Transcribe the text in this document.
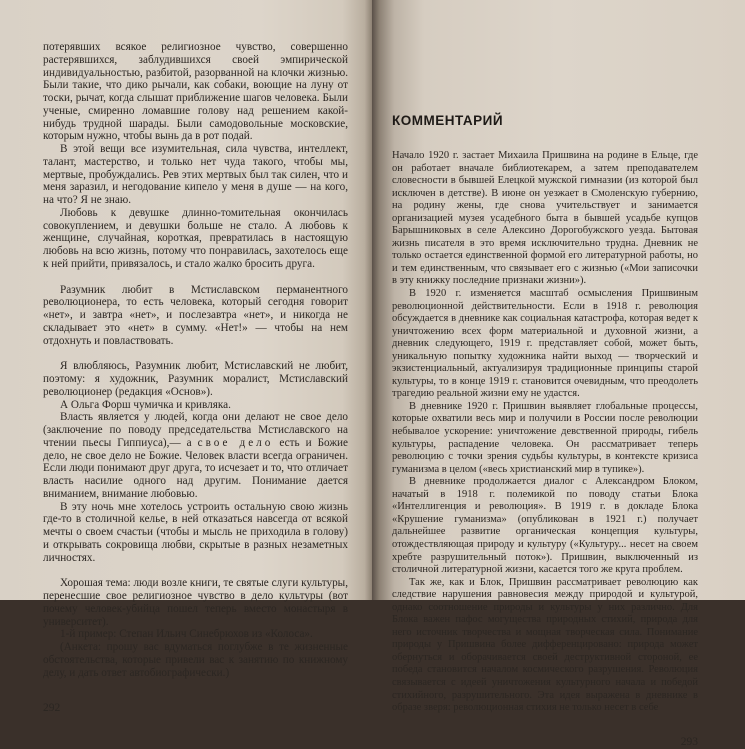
потерявших всякое религиозное чувство, совершенно растерявшихся, заблудившихся своей эмпирической индивидуальностью, разбитой, разорванной на клочки жизнью. Были такие, что дико рычали, как собаки, воющие на луну от тоски, рычат, когда слышат приближение шагов человека. Были ученые, смиренно ломавшие голову над решением какой-нибудь трудной шарады. Были самодовольные московские, которым нужно, чтобы вынь да в рот подай.

В этой вещи все изумительная, сила чувства, интеллект, талант, мастерство, и только нет чуда такого, чтобы мы, мертвые, пробуждались. Рев этих мертвых был так силен, что и меня заразил, и негодование кипело у меня в душе — на кого, на что? Я не знаю.

Любовь к девушке длинно-томительная окончилась совокуплением, и девушки больше не стало. А любовь к женщине, случайная, короткая, превратилась в настоящую любовь на всю жизнь, потому что понравилась, захотелось еще к ней прийти, привязалось, и стало жалко бросить друга.

Разумник любит в Мстиславском перманентного революционера, то есть человека, который сегодня говорит «нет», и завтра «нет», и послезавтра «нет», и никогда не складывает это «нет» в сумму. «Нет!» — чтобы на нем отдохнуть и повластвовать.

Я влюбляюсь, Разумник любит, Мстиславский не любит, поэтому: я художник, Разумник моралист, Мстиславский революционер (редакция «Основ»).

А Ольга Форш чумичка и кривляка.

Власть является у людей, когда они делают не свое дело (заключение по поводу председательства Мстиславского на чтении пьесы Гиппиуса),— а свое дело есть и Божие дело, не свое дело не Божие. Человек власти всегда ограничен. Если люди понимают друг друга, то исчезает и то, что отличает власть насилие одного над другим. Понимание дается вниманием, внимание любовью.

В эту ночь мне хотелось устроить остальную свою жизнь где-то в столичной келье, в ней отказаться навсегда от всякой мечты о своем счастьи (чтобы и мысль не приходила в голову) и открывать сокровища любви, скрытые в разных незаметных личностях.

Хорошая тема: люди возле книги, те святые слуги культуры, перенесшие свое религиозное чувство в дело культуры (вот почему человек-убийца пошел теперь вместо монастыря в университет).

1-й пример: Степан Ильич Синебрюхов из «Колоса».

(Анкета: прошу вас вдуматься поглубже в те жизненные обстоятельства, которые привели вас к занятию по книжному делу, и дать ответ автобиографически.)

292
КОММЕНТАРИЙ

Начало 1920 г. застает Михаила Пришвина на родине в Ельце, где он работает вначале библиотекарем, а затем преподавателем словесности в бывшей Елецкой мужской гимназии (из которой был исключен в детстве). В июне он уезжает в Смоленскую губернию, на родину жены, где снова учительствует и занимается организацией музея усадебного быта в бывшей усадьбе купцов Барышниковых в селе Алексино Дорогобужского уезда. Бытовая жизнь писателя в это время исключительно трудна. Дневник не только остается единственной формой его литературной работы, но и тем единственным, что связывает его с жизнью («Мои записочки в эту книжку последние признаки жизни»).

В 1920 г. изменяется масштаб осмысления Пришвиным революционной действительности. Если в 1918 г. революция обсуждается в дневнике как социальная катастрофа, которая ведет к уничтожению всех форм материальной и духовной жизни, а дневник следующего, 1919 г. представляет собой, может быть, уникальную попытку художника найти выход — творческий и экзистенциальный, актуализируя традиционные принципы старой культуры, то в конце 1919 г. становится очевидным, что преодолеть трагедию реальной жизни ему не удастся.

В дневнике 1920 г. Пришвин выявляет глобальные процессы, которые охватили весь мир и получили в России после революции небывалое ускорение: уничтожение девственной природы, гибель культуры, распадение человека. Он рассматривает теперь революцию с точки зрения судьбы культуры, в контексте кризиса гуманизма в целом («весь христианский мир в тупике»).

В дневнике продолжается диалог с Александром Блоком, начатый в 1918 г. полемикой по поводу статьи Блока «Интеллигенция и революция». В 1919 г. в докладе Блока «Крушение гуманизма» (опубликован в 1921 г.) получает дальнейшее развитие органическая концепция культуры, отождествляющая природу и культуру («Культуру... несет на своем хребте разрушительный поток»). Пришвин, выключенный из столичной литературной жизни, касается того же круга проблем.

Так же, как и Блок, Пришвин рассматривает революцию как следствие нарушения равновесия между природой и культурой, однако соотношение природы и культуры у них различно. Для Блока важен пафос могущества природных стихий, природа для него источник творчества и мощная творческая сила. Понимание природы у Пришвина более дифференцировано: природа может обернуться и оборачивается своей деструктивной стороной, ее победа становится началом космического разрушения. Революция связывается с идеей уничтожения культурного начала и победой стихийного, разрушительного. Эта идея выражена в дневнике в образе зверя: революционная стихия не только несет в себе

293
